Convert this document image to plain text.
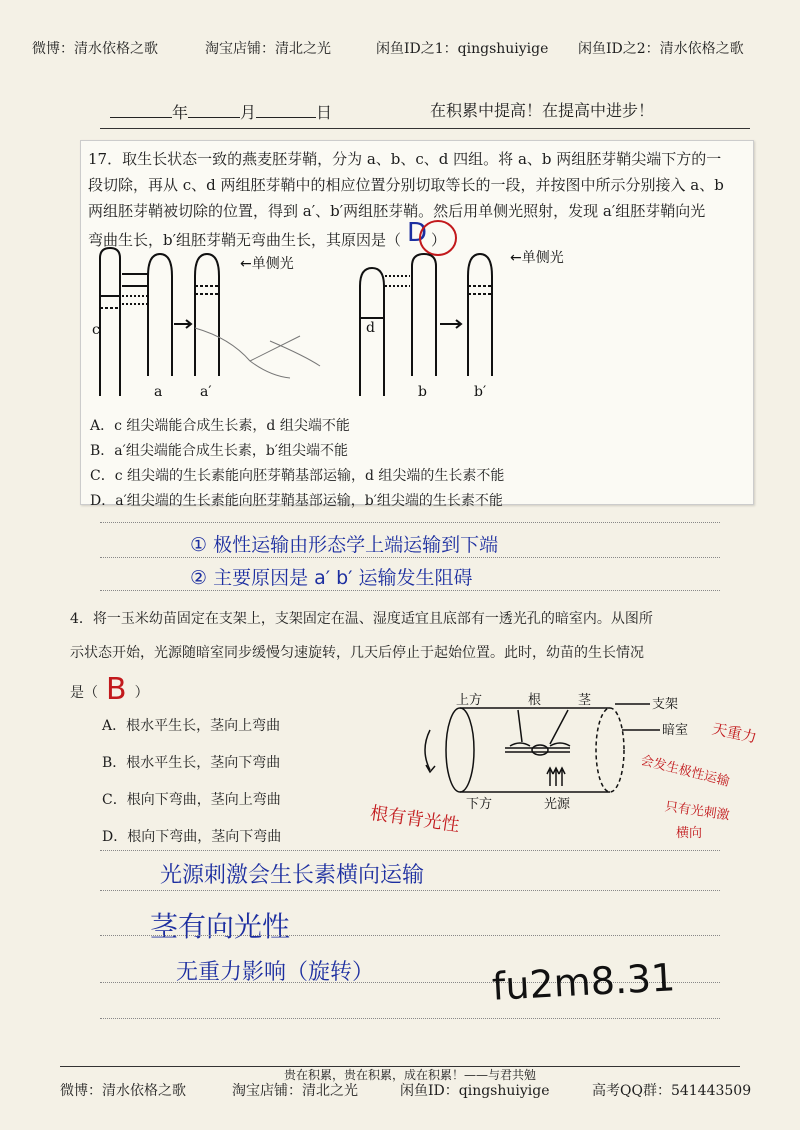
微博：清水依格之歌	淘宝店铺：清北之光	闲鱼ID之1：qingshuiyige 闲鱼ID之2：清水依格之歌
年	月	日	在积累中提高！在提高中进步！
17．取生长状态一致的燕麦胚芽鞘，分为 a、b、c、d 四组。将 a、b 两组胚芽鞘尖端下方的一
段切除，再从 c、d 两组胚芽鞘中的相应位置分别切取等长的一段，并按图中所示分别接入 a、b
两组胚芽鞘被切除的位置，得到 a′、b′两组胚芽鞘。然后用单侧光照射，发现 a′组胚芽鞘向光
弯曲生长，b′组胚芽鞘无弯曲生长，其原因是（ D ）
←单侧光	←单侧光
c
a	a′
d
b	b′
A．c 组尖端能合成生长素，d 组尖端不能
B．a′组尖端能合成生长素，b′组尖端不能
C．c 组尖端的生长素能向胚芽鞘基部运输，d 组尖端的生长素不能
D．a′组尖端的生长素能向胚芽鞘基部运输，b′组尖端的生长素不能
① 极性运输由形态学上端运输到下端
② 主要原因是 a′ b′ 运输发生阻碍
4．将一玉米幼苗固定在支架上，支架固定在温、湿度适宜且底部有一透光孔的暗室内。从图所
示状态开始，光源随暗室同步缓慢匀速旋转，几天后停止于起始位置。此时，幼苗的生长情况
是（ B ）
A．根水平生长，茎向上弯曲
B．根水平生长，茎向下弯曲
C．根向下弯曲，茎向上弯曲
D．根向下弯曲，茎向下弯曲
上方	根	茎	支架
暗室
下方	光源
天重力
会发生极性运输
只有光刺激
横向
根有背光性
光源刺激会生长素横向运输
茎有向光性
无重力影响（旋转）	fu2m8.31
贵在积累，贵在积累，成在积累！——与君共勉
微博：清水依格之歌	淘宝店铺：清北之光	闲鱼ID：qingshuiyige	高考QQ群：541443509
